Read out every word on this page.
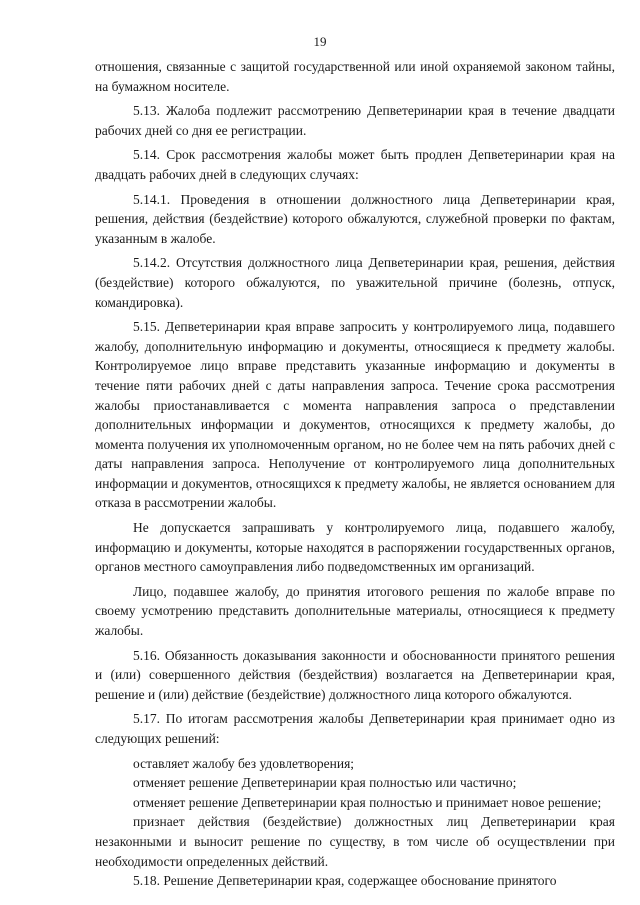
19

отношения, связанные с защитой государственной или иной охраняемой законом тайны, на бумажном носителе.

5.13. Жалоба подлежит рассмотрению Депветеринарии края в течение двадцати рабочих дней со дня ее регистрации.

5.14. Срок рассмотрения жалобы может быть продлен Депветеринарии края на двадцать рабочих дней в следующих случаях:

5.14.1. Проведения в отношении должностного лица Депветеринарии края, решения, действия (бездействие) которого обжалуются, служебной проверки по фактам, указанным в жалобе.

5.14.2. Отсутствия должностного лица Депветеринарии края, решения, действия (бездействие) которого обжалуются, по уважительной причине (болезнь, отпуск, командировка).

5.15. Депветеринарии края вправе запросить у контролируемого лица, подавшего жалобу, дополнительную информацию и документы, относящиеся к предмету жалобы. Контролируемое лицо вправе представить указанные информацию и документы в течение пяти рабочих дней с даты направления запроса. Течение срока рассмотрения жалобы приостанавливается с момента направления запроса о представлении дополнительных информации и документов, относящихся к предмету жалобы, до момента получения их уполномоченным органом, но не более чем на пять рабочих дней с даты направления запроса. Неполучение от контролируемого лица дополнительных информации и документов, относящихся к предмету жалобы, не является основанием для отказа в рассмотрении жалобы.

Не допускается запрашивать у контролируемого лица, подавшего жалобу, информацию и документы, которые находятся в распоряжении государственных органов, органов местного самоуправления либо подведомственных им организаций.

Лицо, подавшее жалобу, до принятия итогового решения по жалобе вправе по своему усмотрению представить дополнительные материалы, относящиеся к предмету жалобы.

5.16. Обязанность доказывания законности и обоснованности принятого решения и (или) совершенного действия (бездействия) возлагается на Депветеринарии края, решение и (или) действие (бездействие) должностного лица которого обжалуются.

5.17. По итогам рассмотрения жалобы Депветеринарии края принимает одно из следующих решений:

оставляет жалобу без удовлетворения;

отменяет решение Депветеринарии края полностью или частично;

отменяет решение Депветеринарии края полностью и принимает новое решение;

признает действия (бездействие) должностных лиц Депветеринарии края незаконными и выносит решение по существу, в том числе об осуществлении при необходимости определенных действий.

5.18. Решение Депветеринарии края, содержащее обоснование принятого
